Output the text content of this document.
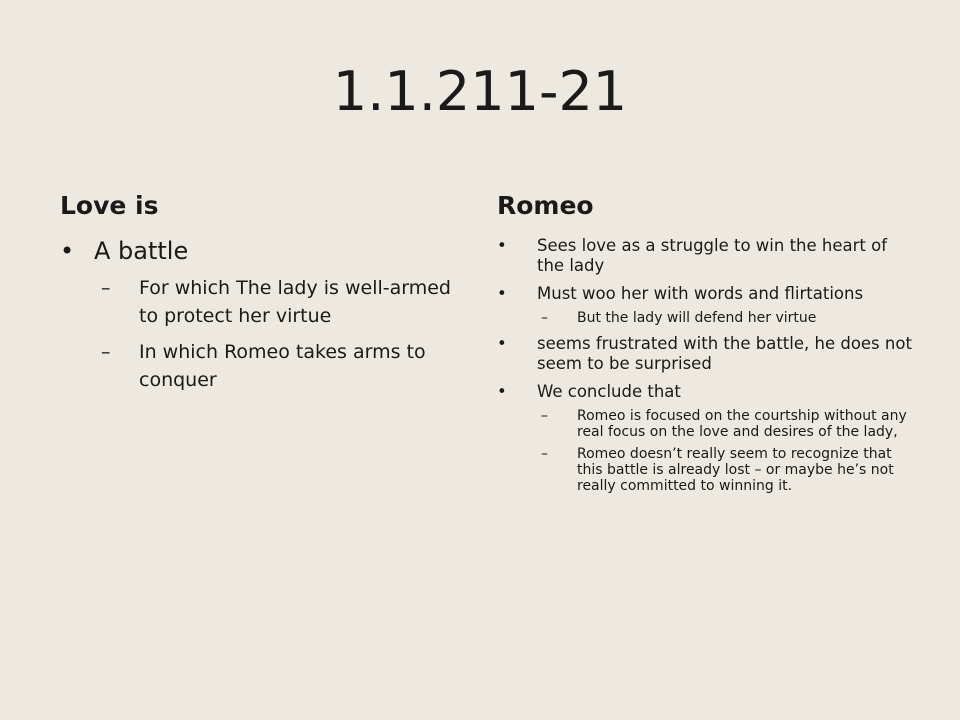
1.1.211-21
Love is
• A battle
– For which The lady is well-armed to protect her virtue
– In which Romeo takes arms to conquer
Romeo
• Sees love as a struggle to win the heart of the lady
• Must woo her with words and flirtations
– But the lady will defend her virtue
• seems frustrated with the battle, he does not seem to be surprised
• We conclude that
– Romeo is focused on the courtship without any real focus on the love and desires of the lady,
– Romeo doesn’t really seem to recognize that this battle is already lost – or maybe he’s not really committed to winning it.
